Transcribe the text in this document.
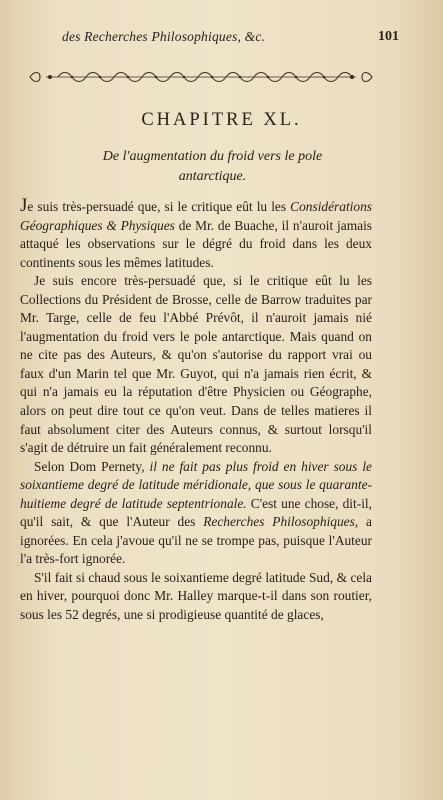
des Recherches Philosophiques, &c.	101
CHAPITRE XL.
De l'augmentation du froid vers le pole
antarctique.

Je suis très-persuadé que, si le critique eût lu les Considérations Géographiques & Physiques de Mr. de Buache, il n'auroit jamais attaqué les observations sur le dégré du froid dans les deux continents sous les mêmes latitudes.

Je suis encore très-persuadé que, si le critique eût lu les Collections du Président de Brosse, celle de Barrow traduites par Mr. Targe, celle de feu l'Abbé Prévôt, il n'auroit jamais nié l'augmentation du froid vers le pole antarctique. Mais quand on ne cite pas des Auteurs, & qu'on s'autorise du rapport vrai ou faux d'un Marin tel que Mr. Guyot, qui n'a jamais rien écrit, & qui n'a jamais eu la réputation d'être Physicien ou Géographe, alors on peut dire tout ce qu'on veut. Dans de telles matieres il faut absolument citer des Auteurs connus, & surtout lorsqu'il s'agit de détruire un fait généralement reconnu.

Selon Dom Pernety, il ne fait pas plus froid en hiver sous le soixantieme degré de latitude méridionale, que sous le quarante-huitieme degré de latitude septentrionale. C'est une chose, dit-il, qu'il sait, & que l'Auteur des Recherches Philosophiques, a ignorées. En cela j'avoue qu'il ne se trompe pas, puisque l'Auteur l'a très-fort ignorée.

S'il fait si chaud sous le soixantieme degré latitude Sud, & cela en hiver, pourquoi donc Mr. Halley marque-t-il dans son routier, sous les 52 degrés, une si prodigieuse quantité de glaces,
